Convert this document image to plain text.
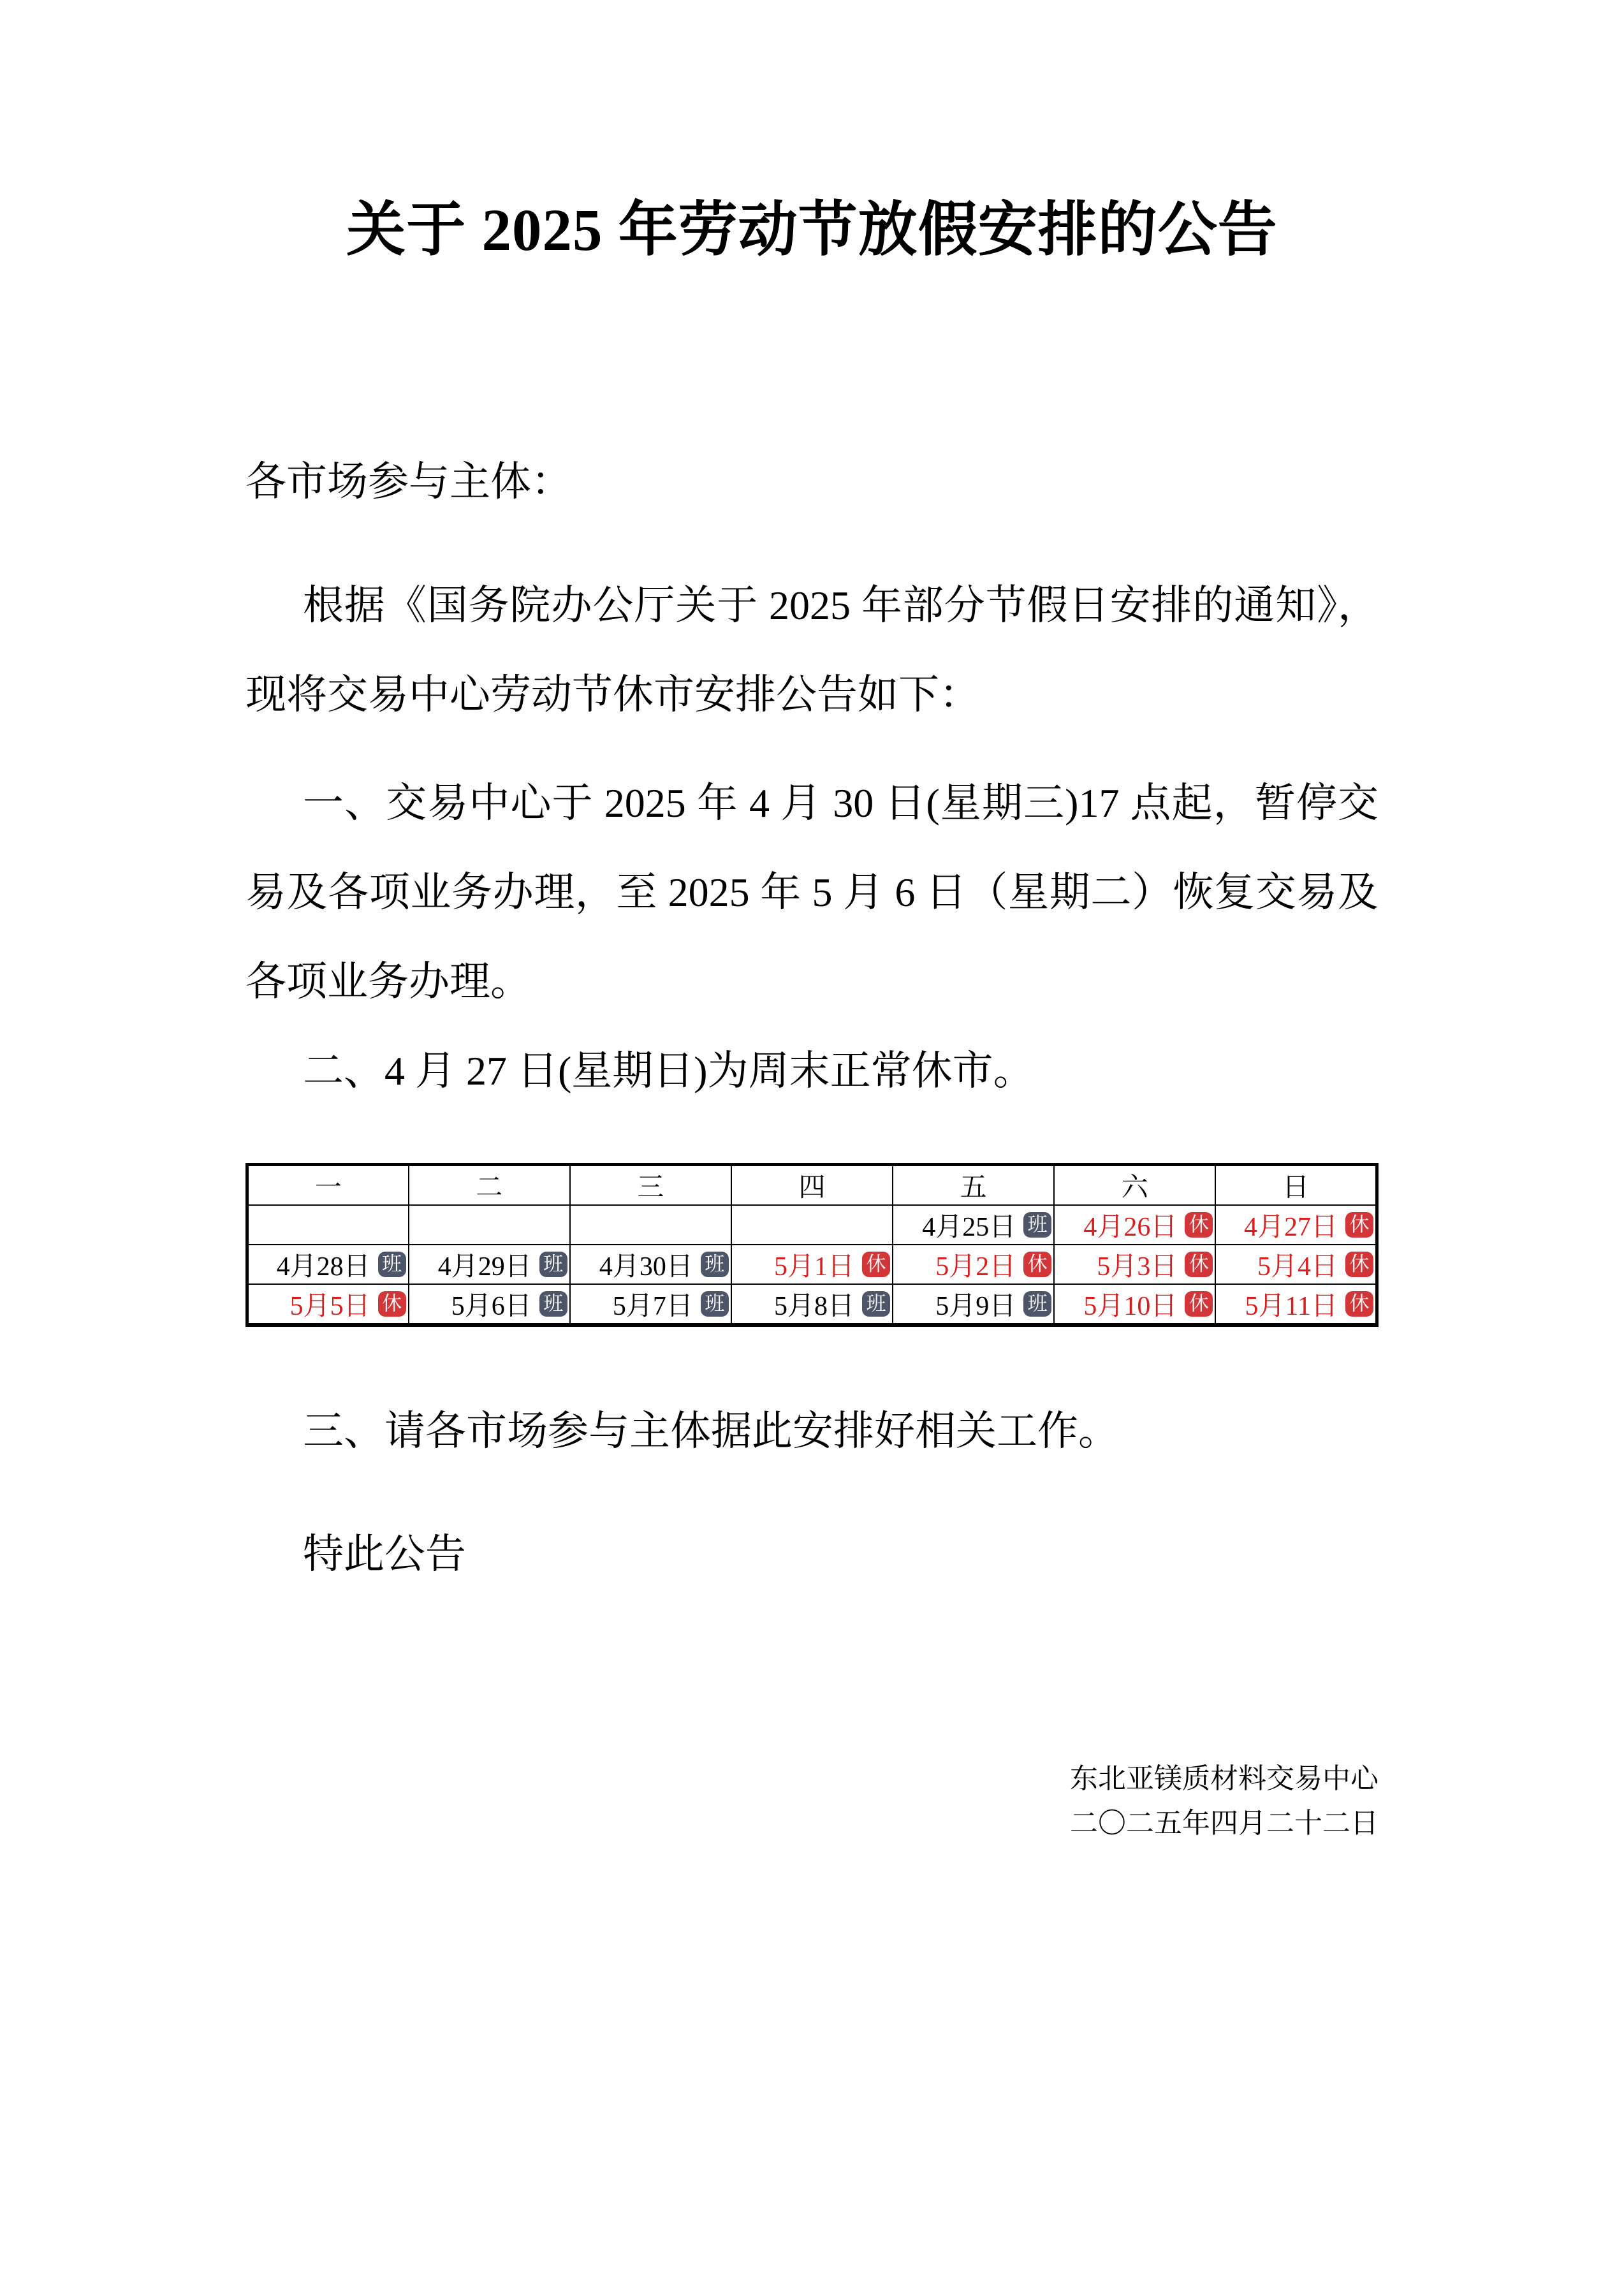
关于 2025 年劳动节放假安排的公告

各市场参与主体：

根据《国务院办公厅关于 2025 年部分节假日安排的通知》，现将交易中心劳动节休市安排公告如下：

一、交易中心于 2025 年 4 月 30 日(星期三)17 点起，暂停交易及各项业务办理，至 2025 年 5 月 6 日（星期二）恢复交易及各项业务办理。

二、4 月 27 日(星期日)为周末正常休市。

一	二	三	四	五	六	日

				4月25日 班	4月26日 休	4月27日 休

4月28日 班	4月29日 班	4月30日 班	5月1日 休	5月2日 休	5月3日 休	5月4日 休

5月5日 休	5月6日 班	5月7日 班	5月8日 班	5月9日 班	5月10日 休	5月11日 休

三、请各市场参与主体据此安排好相关工作。

特此公告

东北亚镁质材料交易中心

二〇二五年四月二十二日
